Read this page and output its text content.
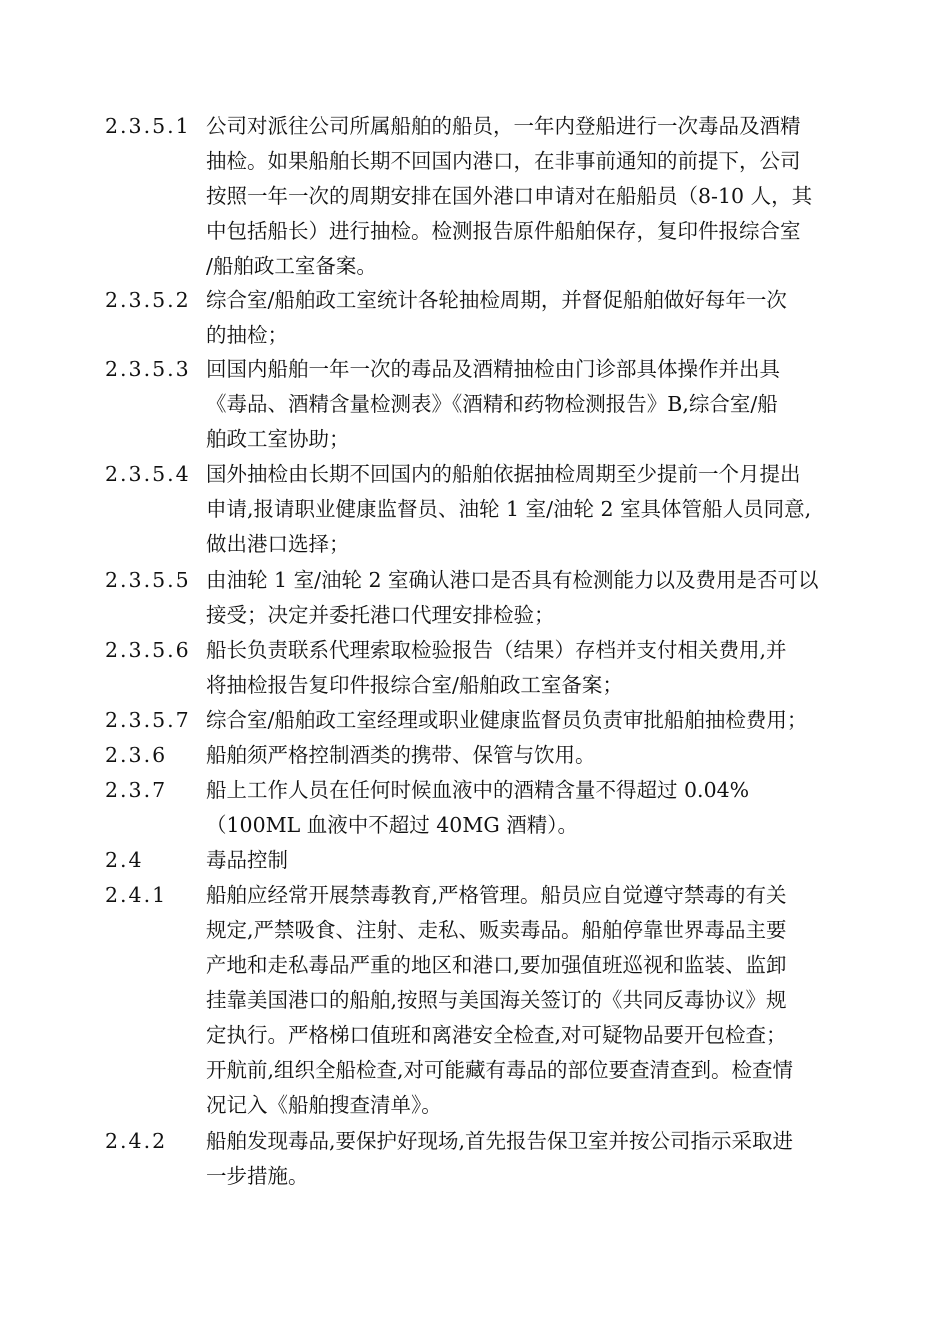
2.3.5.1 公司对派往公司所属船舶的船员，一年内登船进行一次毒品及酒精
抽检。如果船舶长期不回国内港口，在非事前通知的前提下，公司
按照一年一次的周期安排在国外港口申请对在船船员（8-10 人，其
中包括船长）进行抽检。检测报告原件船舶保存，复印件报综合室
/船舶政工室备案。
2.3.5.2 综合室/船舶政工室统计各轮抽检周期，并督促船舶做好每年一次
的抽检；
2.3.5.3 回国内船舶一年一次的毒品及酒精抽检由门诊部具体操作并出具
《毒品、酒精含量检测表》《酒精和药物检测报告》B,综合室/船
舶政工室协助；
2.3.5.4 国外抽检由长期不回国内的船舶依据抽检周期至少提前一个月提出
申请,报请职业健康监督员、油轮 1 室/油轮 2 室具体管船人员同意,
做出港口选择；
2.3.5.5 由油轮 1 室/油轮 2 室确认港口是否具有检测能力以及费用是否可以
接受；决定并委托港口代理安排检验；
2.3.5.6 船长负责联系代理索取检验报告（结果）存档并支付相关费用,并
将抽检报告复印件报综合室/船舶政工室备案；
2.3.5.7 综合室/船舶政工室经理或职业健康监督员负责审批船舶抽检费用；
2.3.6	船舶须严格控制酒类的携带、保管与饮用。
2.3.7	船上工作人员在任何时候血液中的酒精含量不得超过 0.04%
（100ML 血液中不超过 40MG 酒精）。
2.4	毒品控制
2.4.1	船舶应经常开展禁毒教育,严格管理。船员应自觉遵守禁毒的有关
规定,严禁吸食、注射、走私、贩卖毒品。船舶停靠世界毒品主要
产地和走私毒品严重的地区和港口,要加强值班巡视和监装、监卸
挂靠美国港口的船舶,按照与美国海关签订的《共同反毒协议》规
定执行。严格梯口值班和离港安全检查,对可疑物品要开包检查；
开航前,组织全船检查,对可能藏有毒品的部位要查清查到。检查情
况记入《船舶搜查清单》。
2.4.2	船舶发现毒品,要保护好现场,首先报告保卫室并按公司指示采取进
一步措施。
